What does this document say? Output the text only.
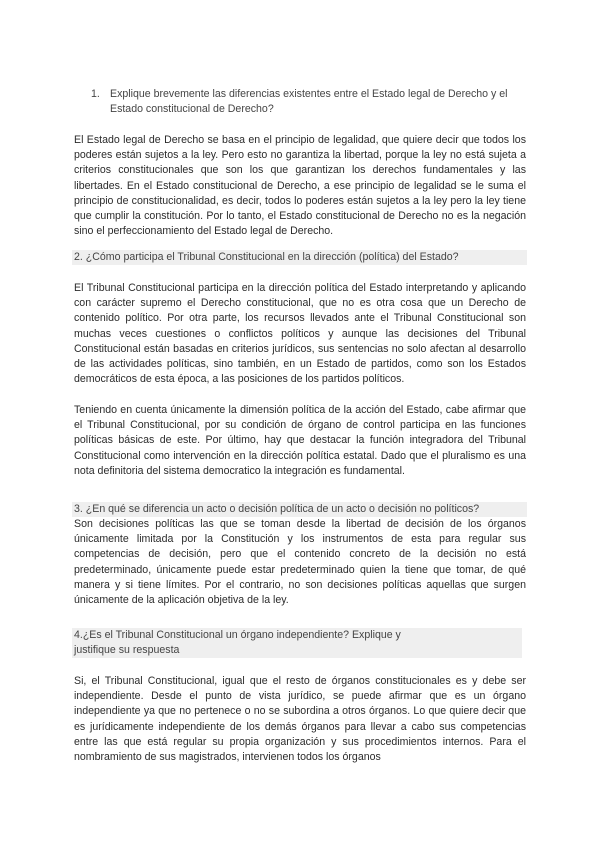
1. Explique brevemente las diferencias existentes entre el Estado legal de Derecho y el Estado constitucional de Derecho?

El Estado legal de Derecho se basa en el principio de legalidad, que quiere decir que todos los poderes están sujetos a la ley. Pero esto no garantiza la libertad, porque la ley no está sujeta a criterios constitucionales que son los que garantizan los derechos fundamentales y las libertades. En el Estado constitucional de Derecho, a ese principio de legalidad se le suma el principio de constitucionalidad, es decir, todos lo poderes están sujetos a la ley pero la ley tiene que cumplir la constitución. Por lo tanto, el Estado constitucional de Derecho no es la negación sino el perfeccionamiento del Estado legal de Derecho.

2. ¿Cómo participa el Tribunal Constitucional en la dirección (política) del Estado?

El Tribunal Constitucional participa en la dirección política del Estado interpretando y aplicando con carácter supremo el Derecho constitucional, que no es otra cosa que un Derecho de contenido político. Por otra parte, los recursos llevados ante el Tribunal Constitucional son muchas veces cuestiones o conflictos políticos y aunque las decisiones del Tribunal Constitucional están basadas en criterios jurídicos, sus sentencias no solo afectan al desarrollo de las actividades políticas, sino también, en un Estado de partidos, como son los Estados democráticos de esta época, a las posiciones de los partidos políticos.

Teniendo en cuenta únicamente la dimensión política de la acción del Estado, cabe afirmar que el Tribunal Constitucional, por su condición de órgano de control participa en las funciones políticas básicas de este. Por último, hay que destacar la función integradora del Tribunal Constitucional como intervención en la dirección política estatal. Dado que el pluralismo es una nota definitoria del sistema democratico la integración es fundamental.

3. ¿En qué se diferencia un acto o decisión política de un acto o decisión no políticos?

Son decisiones políticas las que se toman desde la libertad de decisión de los órganos únicamente limitada por la Constitución y los instrumentos de esta para regular sus competencias de decisión, pero que el contenido concreto de la decisión no está predeterminado, únicamente puede estar predeterminado quien la tiene que tomar, de qué manera y si tiene límites. Por el contrario, no son decisiones políticas aquellas que surgen únicamente de la aplicación objetiva de la ley.

4.¿Es el Tribunal Constitucional un órgano independiente? Explique y justifique su respuesta

Si, el Tribunal Constitucional, igual que el resto de órganos constitucionales es y debe ser independiente. Desde el punto de vista jurídico, se puede afirmar que es un órgano independiente ya que no pertenece o no se subordina a otros órganos. Lo que quiere decir que es jurídicamente independiente de los demás órganos para llevar a cabo sus competencias entre las que está regular su propia organización y sus procedimientos internos. Para el nombramiento de sus magistrados, intervienen todos los órganos
